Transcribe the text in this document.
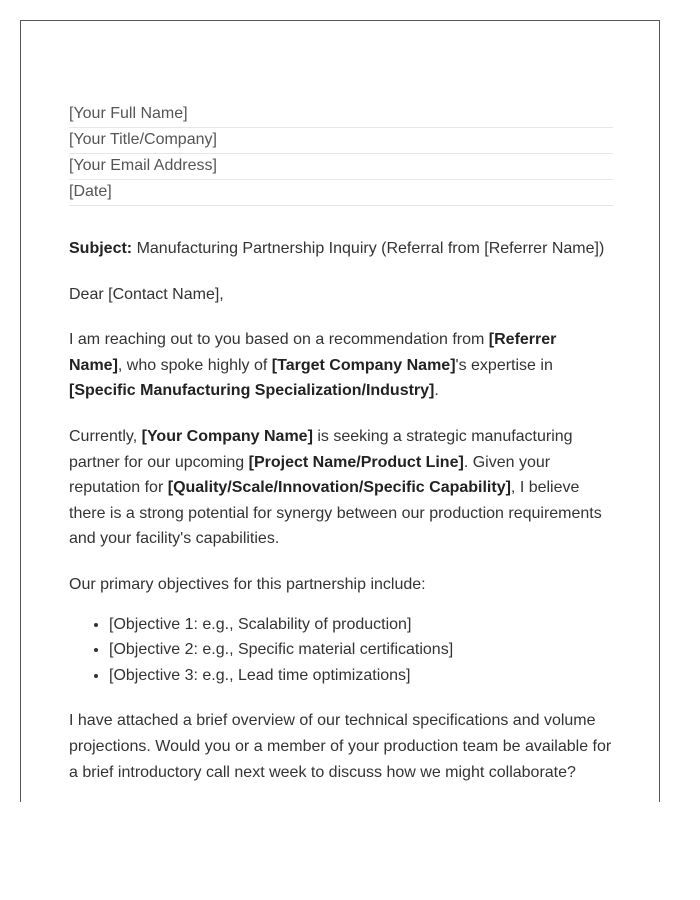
[Your Full Name]
[Your Title/Company]
[Your Email Address]
[Date]

Subject: Manufacturing Partnership Inquiry (Referral from [Referrer Name])

Dear [Contact Name],

I am reaching out to you based on a recommendation from [Referrer Name], who spoke highly of [Target Company Name]'s expertise in [Specific Manufacturing Specialization/Industry].

Currently, [Your Company Name] is seeking a strategic manufacturing partner for our upcoming [Project Name/Product Line]. Given your reputation for [Quality/Scale/Innovation/Specific Capability], I believe there is a strong potential for synergy between our production requirements and your facility's capabilities.

Our primary objectives for this partnership include:

• [Objective 1: e.g., Scalability of production]
• [Objective 2: e.g., Specific material certifications]
• [Objective 3: e.g., Lead time optimizations]

I have attached a brief overview of our technical specifications and volume projections. Would you or a member of your production team be available for a brief introductory call next week to discuss how we might collaborate?
